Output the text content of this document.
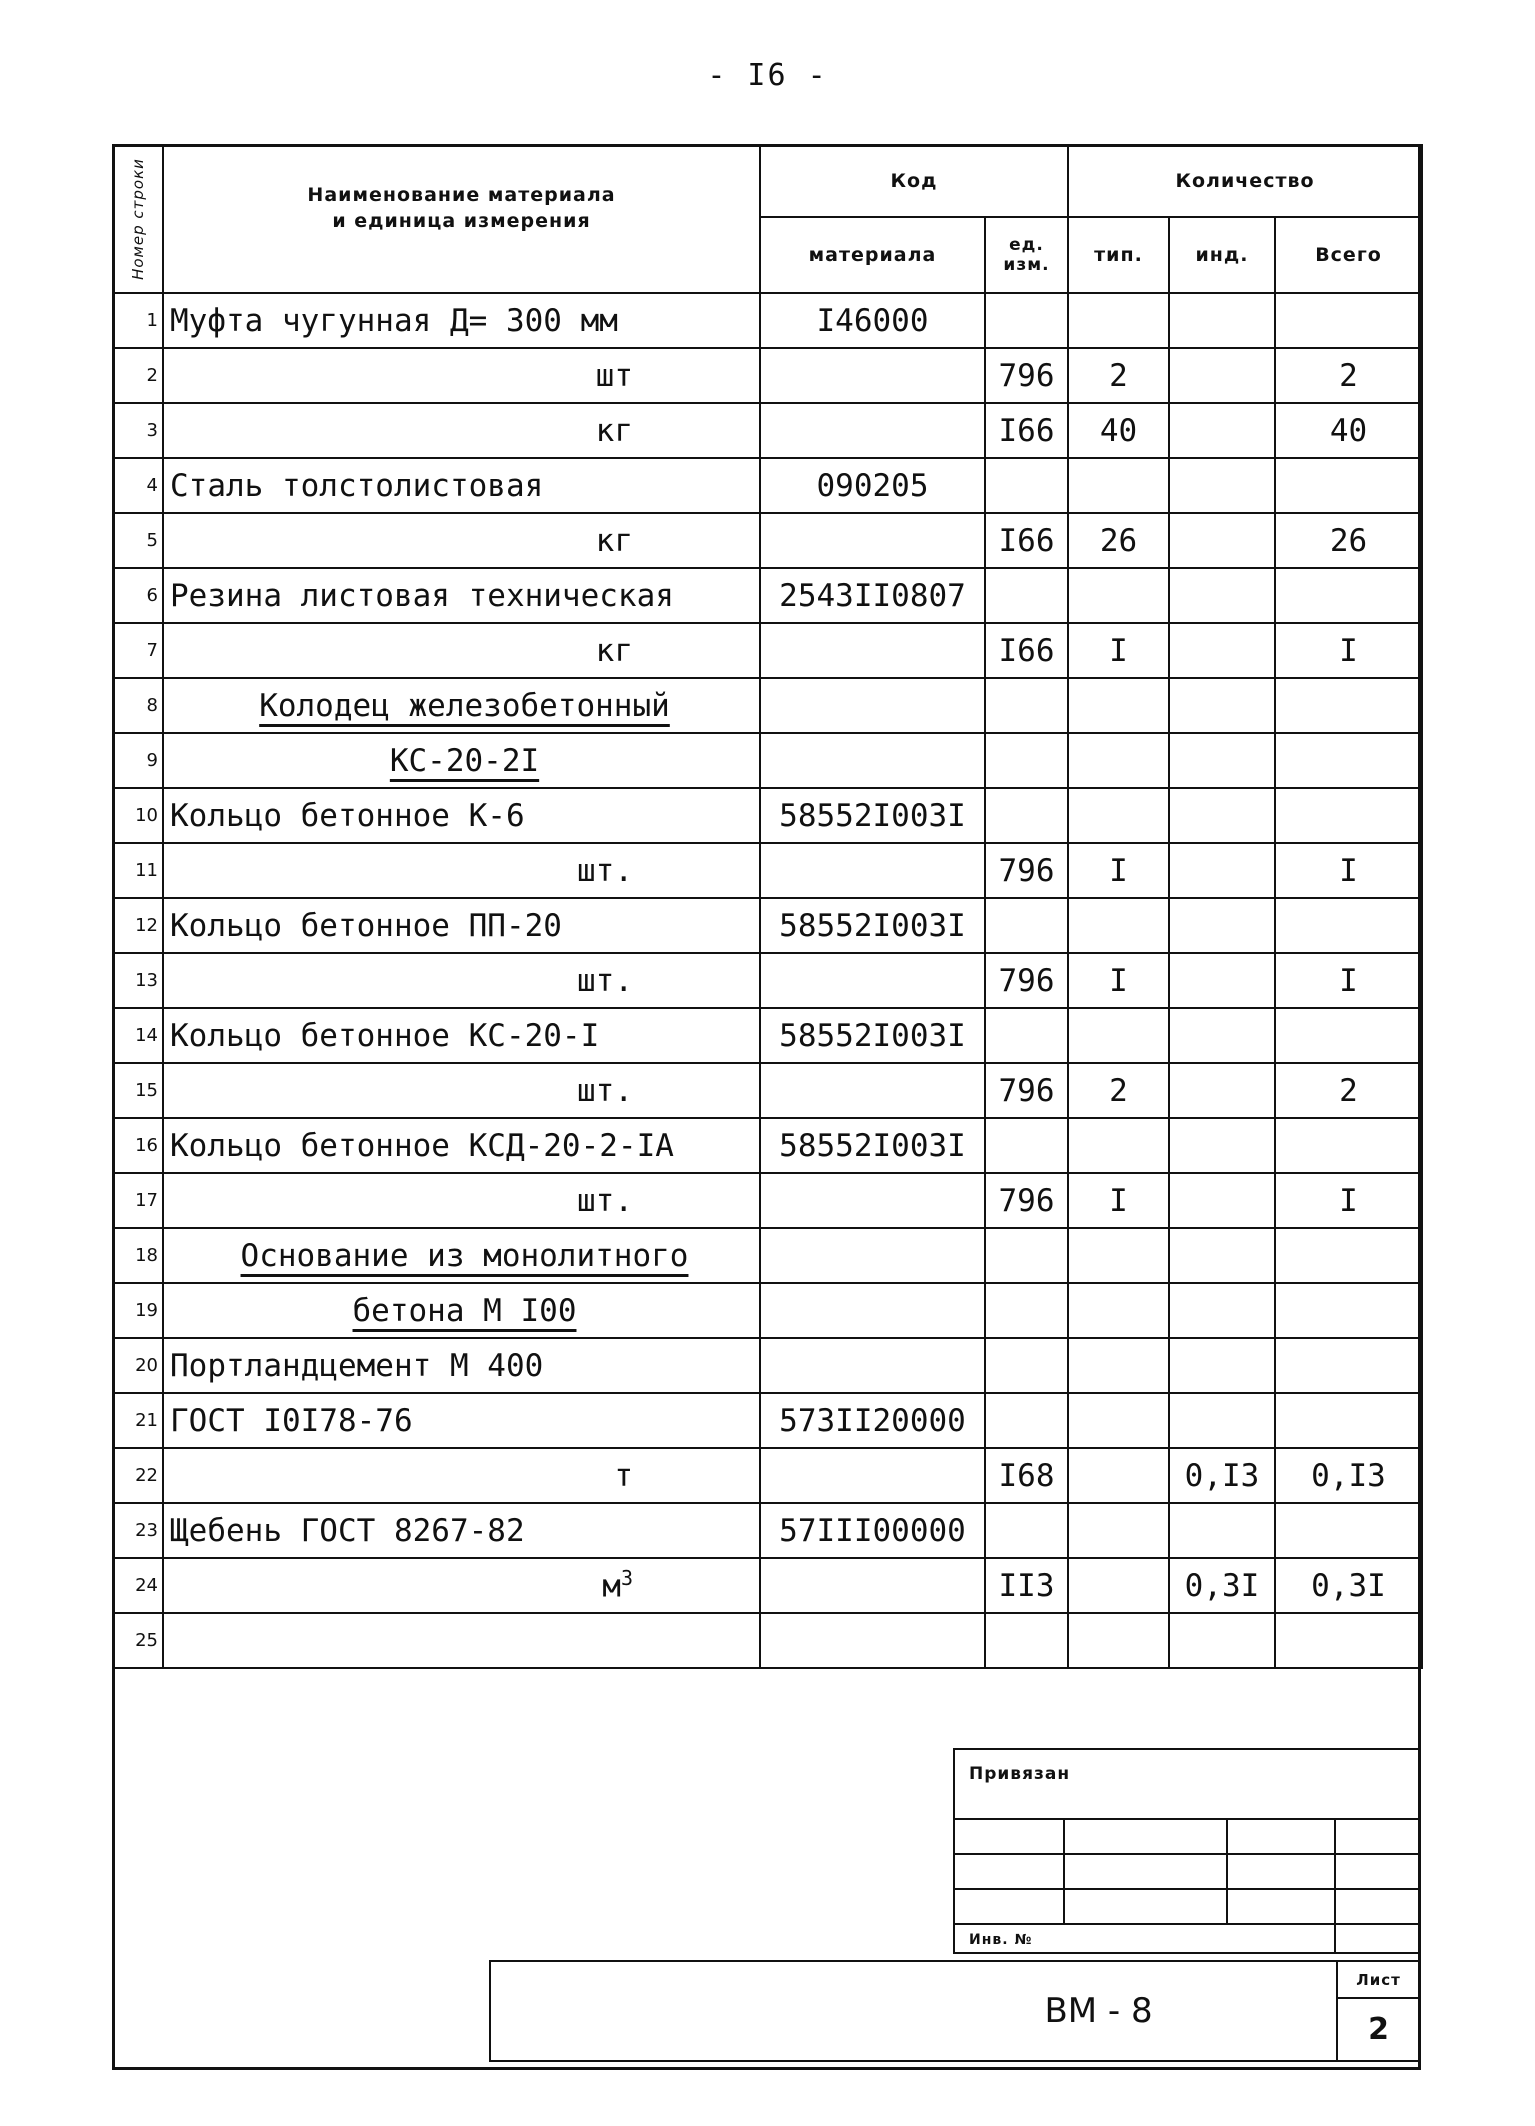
- I6 -
Номер строки	Наименование материала
и единица измерения	Код		Количество		
		материала	ед. изм.	тип.	инд.	Всего
1	Муфта чугунная Д= 300 мм	I46000				
2	шт		796	2		2
3	кг		I66	40		40
4	Сталь толстолистовая	090205				
5	кг		I66	26		26
6	Резина листовая техническая	2543II0807				
7	кг		I66	I		I
8	Колодец железобетонный					
9	КС-20-2I					
10	Кольцо бетонное К-6	58552I003I				
11	шт.		796	I		I
12	Кольцо бетонное ПП-20	58552I003I				
13	шт.		796	I		I
14	Кольцо бетонное КС-20-I	58552I003I				
15	шт.		796	2		2
16	Кольцо бетонное КСД-20-2-IА	58552I003I				
17	шт.		796	I		I
18	Основание из монолитного					
19	бетона М I00					
20	Портландцемент М 400					
21	ГОСТ I0I78-76	573II20000				
22	т		I68		0,I3	0,I3
23	Щебень ГОСТ 8267-82	57III00000				
24	$м^3$		II3		0,3I	0,3I
25						
Привязан			

Инв. №			
ВМ - 8	Лист
2
